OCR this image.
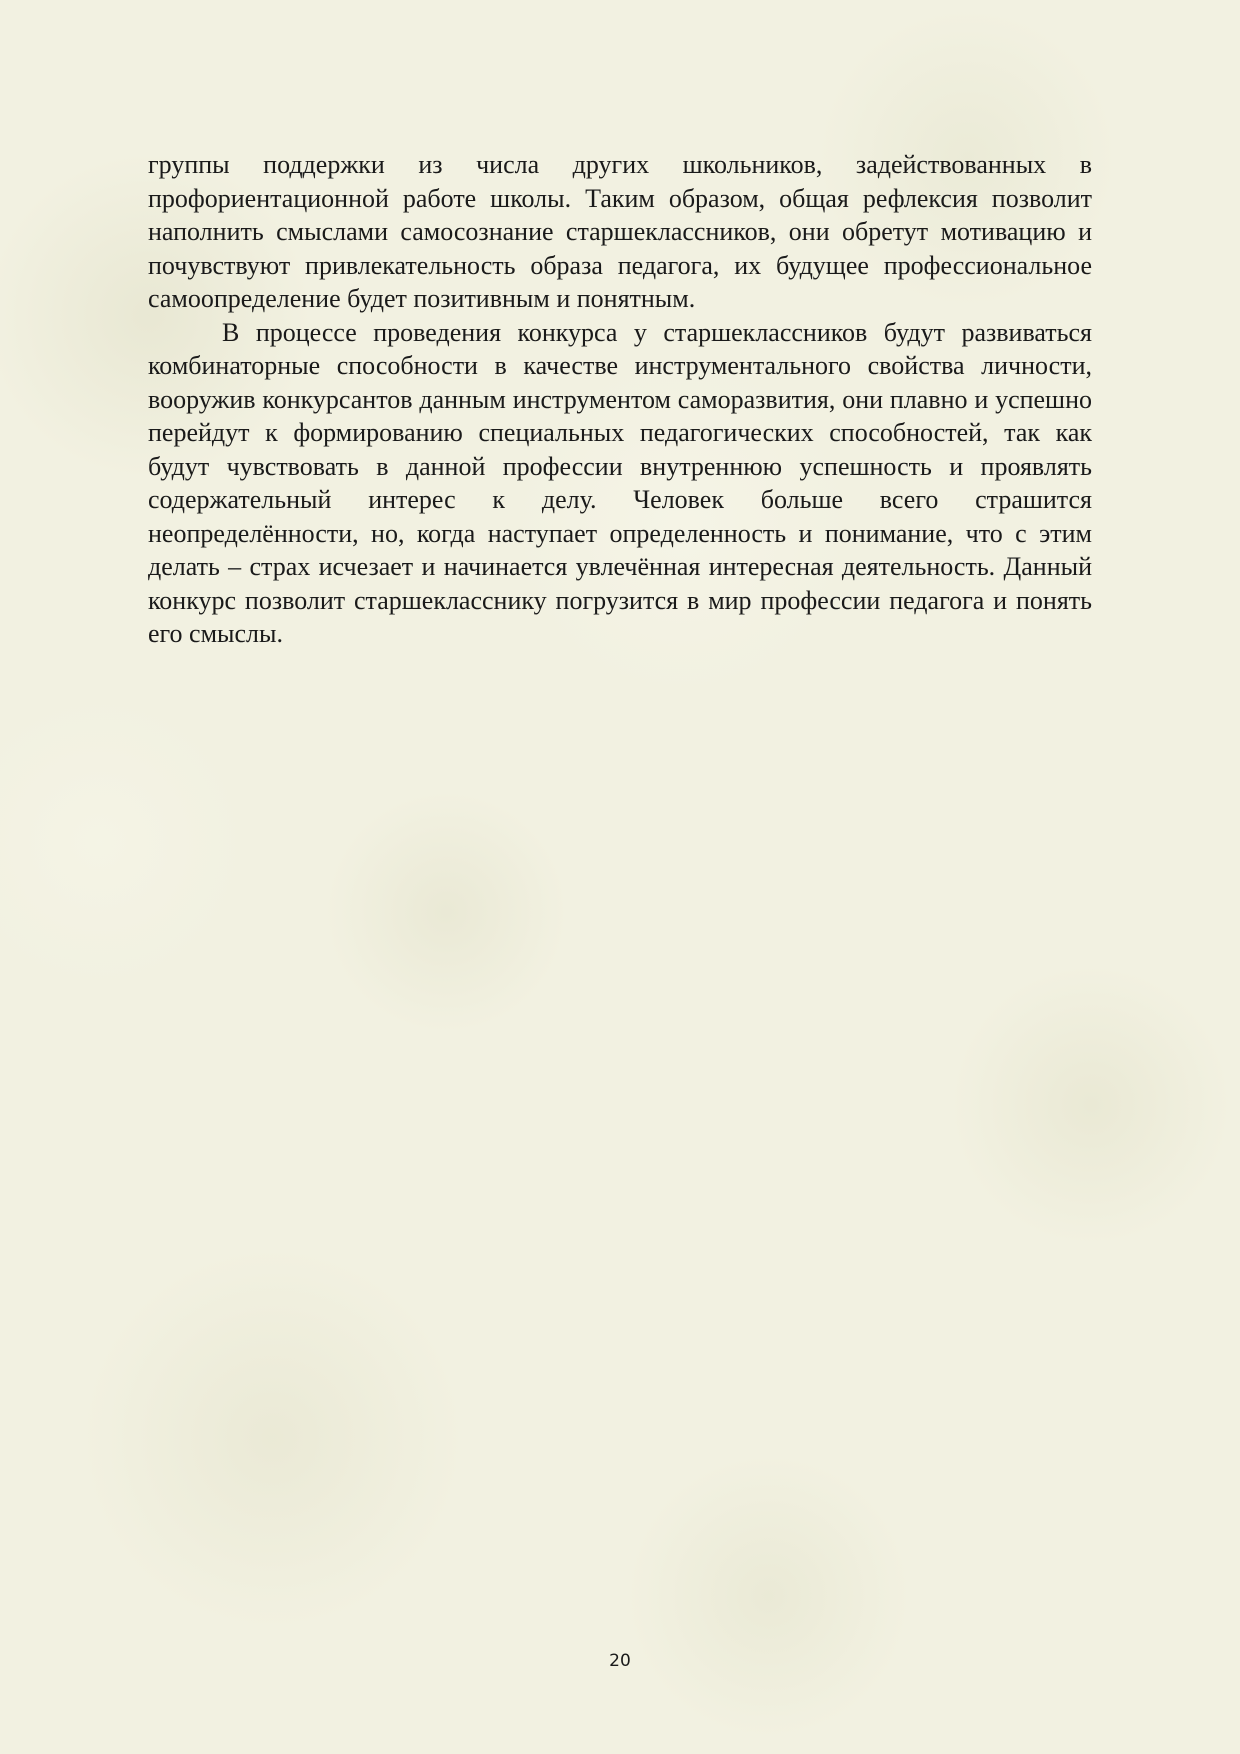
группы поддержки из числа других школьников, задействованных в профориентационной работе школы. Таким образом, общая рефлексия позволит наполнить смыслами самосознание старшеклассников, они обретут мотивацию и почувствуют привлекательность образа педагога, их будущее профессиональное самоопределение будет позитивным и понятным.

В процессе проведения конкурса у старшеклассников будут развиваться комбинаторные способности в качестве инструментального свойства личности, вооружив конкурсантов данным инструментом саморазвития, они плавно и успешно перейдут к формированию специальных педагогических способностей, так как будут чувствовать в данной профессии внутреннюю успешность и проявлять содержательный интерес к делу. Человек больше всего страшится неопределённости, но, когда наступает определенность и понимание, что с этим делать – страх исчезает и начинается увлечённая интересная деятельность. Данный конкурс позволит старшекласснику погрузится в мир профессии педагога и понять его смыслы.

20
